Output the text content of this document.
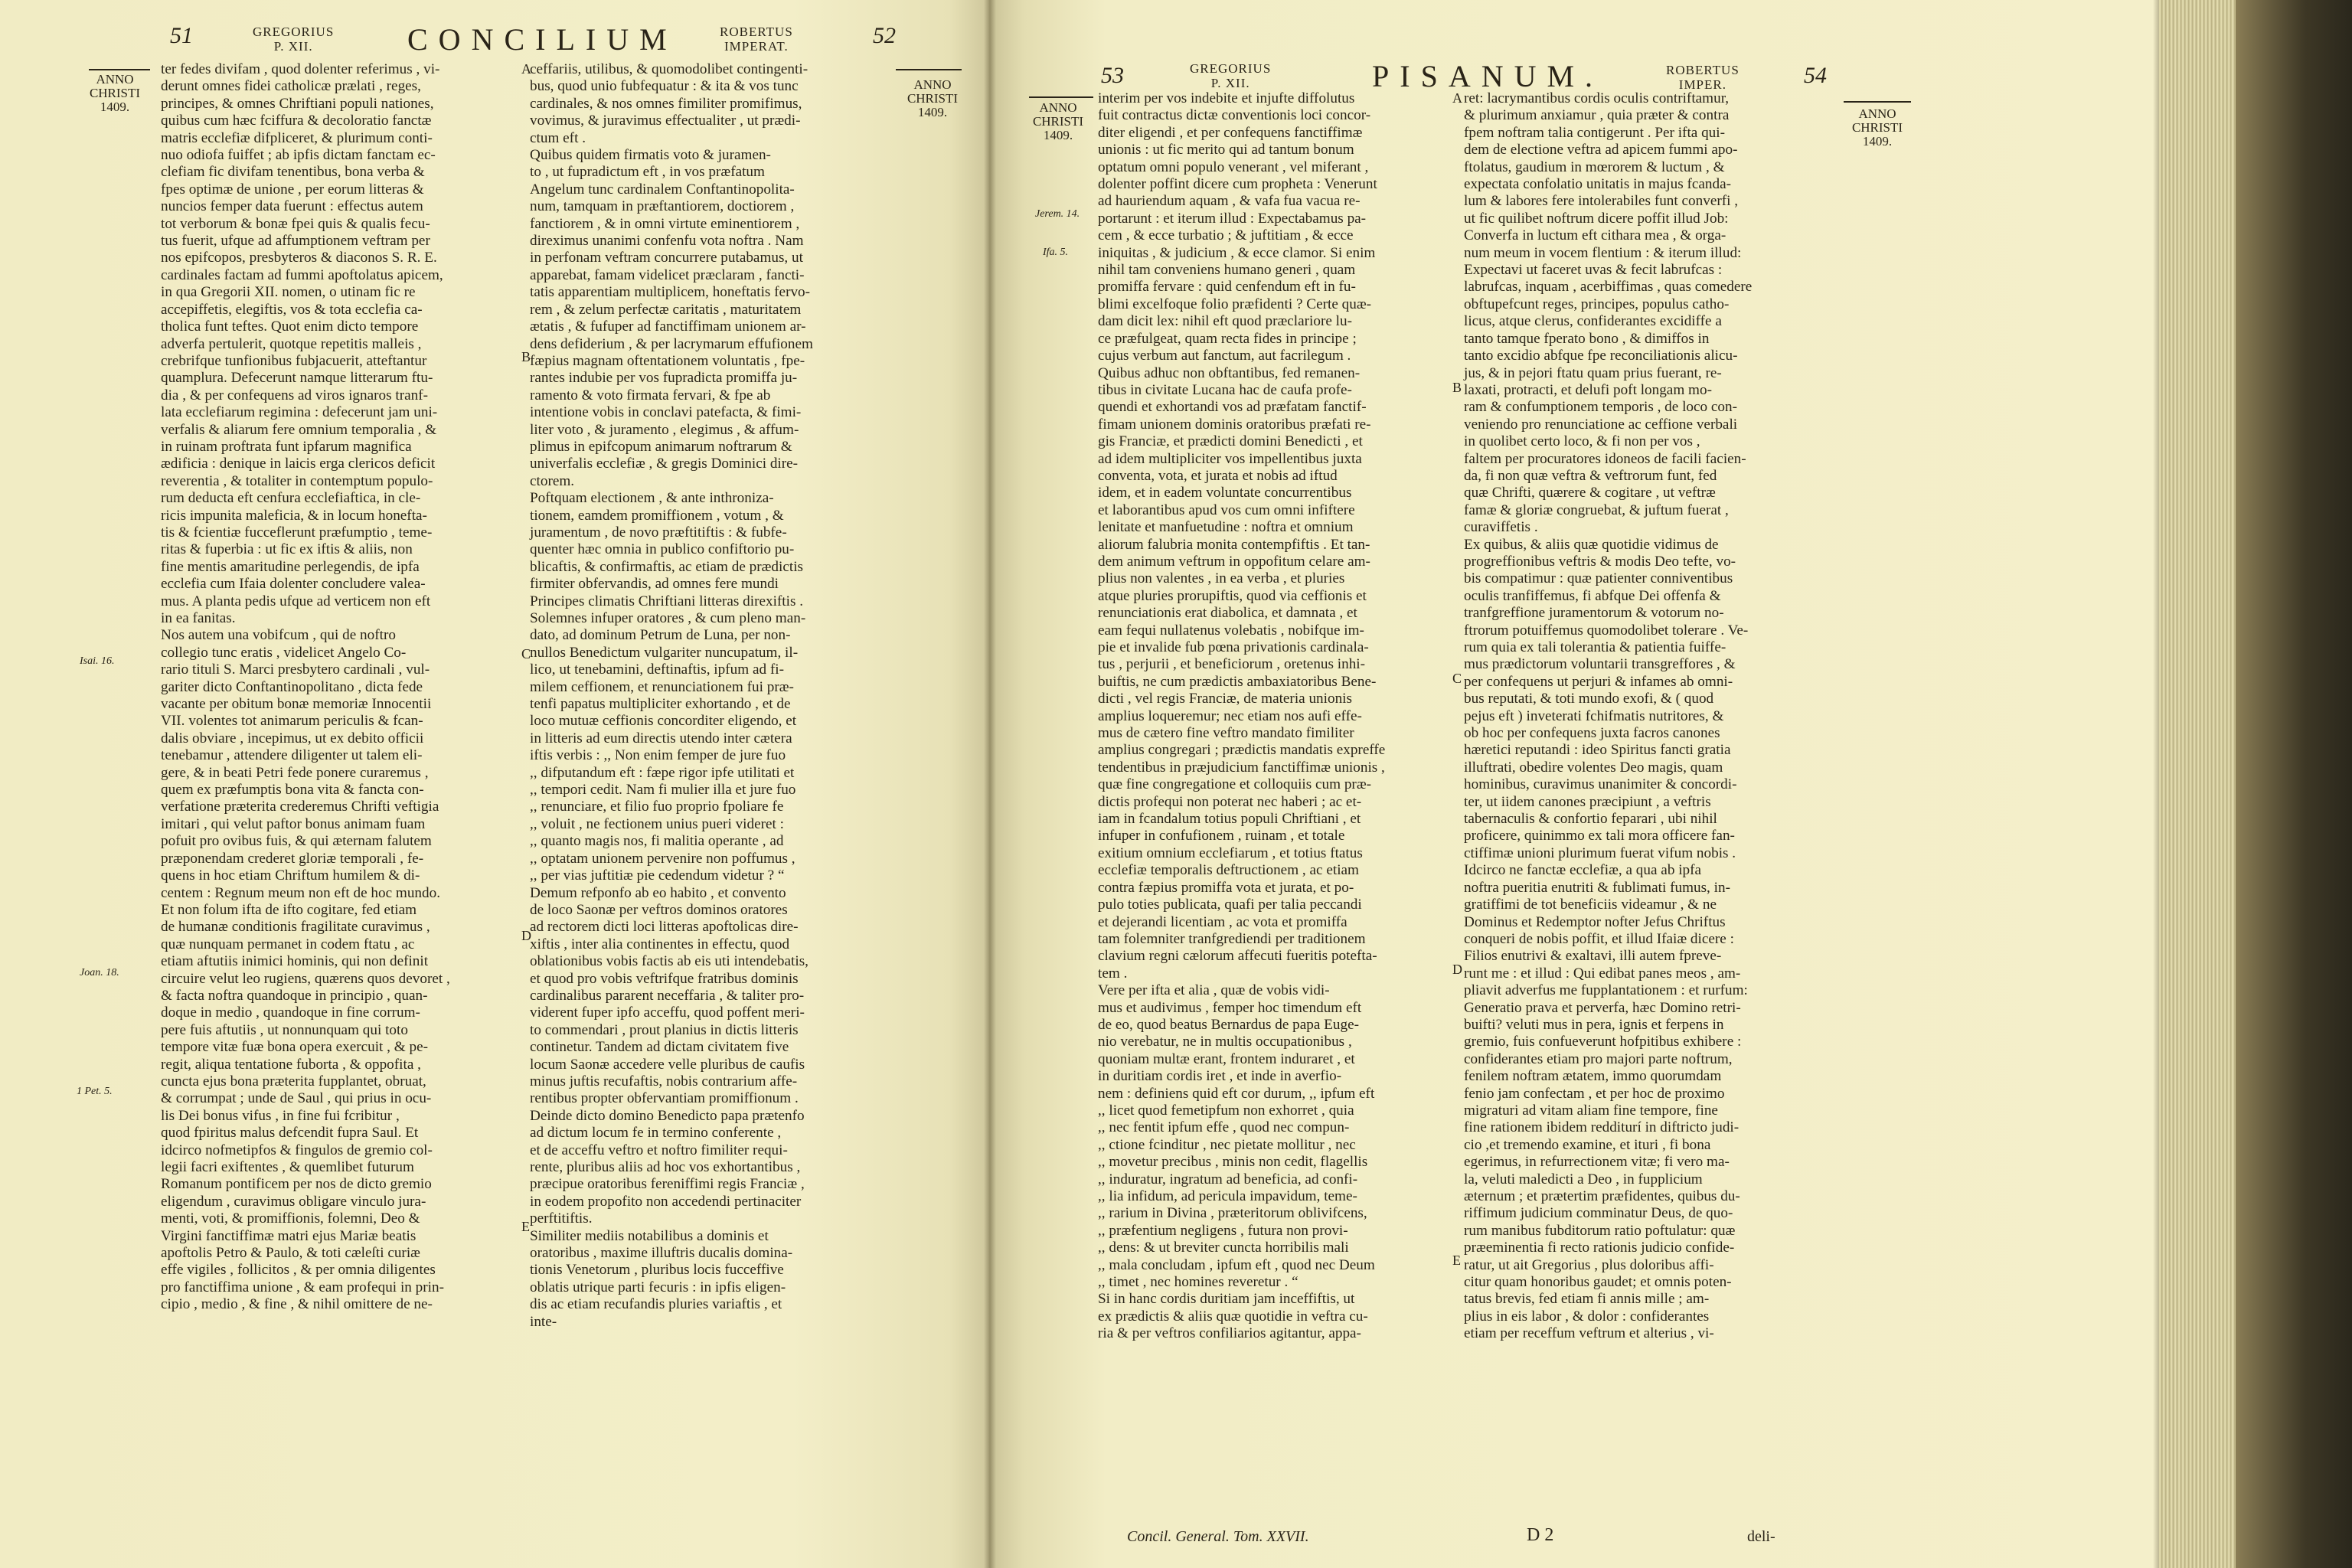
51	GREGORIUS
P. XII.	CONCILIUM	ROBERTUS
IMPERAT.	52
ANNO
CHRISTI
1409.
ANNO
CHRISTI
1409.
Isai. 16.
Joan. 18.
1 Pet. 5.
ter fedes divifam , quod dolenter referimus , vi-
derunt omnes fidei catholicæ prælati , reges,
principes, & omnes Chriftiani populi nationes,
quibus cum hæc fciffura & decoloratio fanctæ
matris ecclefiæ difpliceret, & plurimum conti-
nuo odiofa fuiffet ; ab ipfis dictam fanctam ec-
clefiam fic divifam tenentibus, bona verba &
fpes optimæ de unione , per eorum litteras &
nuncios femper data fuerunt : effectus autem
tot verborum & bonæ fpei quis & qualis fecu-
tus fuerit, ufque ad affumptionem veftram per
nos epifcopos, presbyteros & diaconos S. R. E.
cardinales factam ad fummi apoftolatus apicem,
in qua Gregorii XII. nomen, o utinam fic re
accepiffetis, elegiftis, vos & tota ecclefia ca-
tholica funt teftes. Quot enim dicto tempore
adverfa pertulerit, quotque repetitis malleis ,
crebrifque tunfionibus fubjacuerit, atteftantur
quamplura. Defecerunt namque litterarum ftu-
dia , & per confequens ad viros ignaros tranf-
lata ecclefiarum regimina : defecerunt jam uni-
verfalis & aliarum fere omnium temporalia , &
in ruinam proftrata funt ipfarum magnifica
ædificia : denique in laicis erga clericos deficit
reverentia , & totaliter in contemptum populo-
rum deducta eft cenfura ecclefiaftica, in cle-
ricis impunita maleficia, & in locum honefta-
tis & fcientiæ fucceflerunt præfumptio , teme-
ritas & fuperbia : ut fic ex iftis & aliis, non
fine mentis amaritudine perlegendis, de ipfa
ecclefia cum Ifaia dolenter concludere valea-
mus. A planta pedis ufque ad verticem non eft
in ea fanitas.
Nos autem una vobifcum , qui de noftro
collegio tunc eratis , videlicet Angelo Co-
rario tituli S. Marci presbytero cardinali , vul-
gariter dicto Conftantinopolitano , dicta fede
vacante per obitum bonæ memoriæ Innocentii
VII. volentes tot animarum periculis & fcan-
dalis obviare , incepimus, ut ex debito officii
tenebamur , attendere diligenter ut talem eli-
gere, & in beati Petri fede ponere curaremus ,
quem ex præfumptis bona vita & fancta con-
verfatione præterita crederemus Chrifti veftigia
imitari , qui velut paftor bonus animam fuam
pofuit pro ovibus fuis, & qui æternam falutem
præponendam crederet gloriæ temporali , fe-
quens in hoc etiam Chriftum humilem & di-
centem : Regnum meum non eft de hoc mundo.
Et non folum ifta de ifto cogitare, fed etiam
de humanæ conditionis fragilitate curavimus ,
quæ nunquam permanet in codem ftatu , ac
etiam aftutiis inimici hominis, qui non definit
circuire velut leo rugiens, quærens quos devoret ,
& facta noftra quandoque in principio , quan-
doque in medio , quandoque in fine corrum-
pere fuis aftutiis , ut nonnunquam qui toto
tempore vitæ fuæ bona opera exercuit , & pe-
regit, aliqua tentatione fuborta , & oppofita ,
cuncta ejus bona præterita fupplantet, obruat,
& corrumpat ; unde de Saul , qui prius in ocu-
lis Dei bonus vifus , in fine fui fcribitur ,
quod fpiritus malus defcendit fupra Saul. Et
idcirco nofmetipfos & fingulos de gremio col-
legii facri exiftentes , & quemlibet futurum
Romanum pontificem per nos de dicto gremio
eligendum , curavimus obligare vinculo jura-
menti, voti, & promiffionis, folemni, Deo &
Virgini fanctiffimæ matri ejus Mariæ beatis
apoftolis Petro & Paulo, & toti cæleſti curiæ
effe vigiles , follicitos , & per omnia diligentes
pro fanctiffima unione , & eam profequi in prin-
cipio , medio , & fine , & nihil omittere de ne-
ceffariis, utilibus, & quomodolibet contingenti-
bus, quod unio fubfequatur : & ita & vos tunc
cardinales, & nos omnes fimiliter promifimus,
vovimus, & juravimus effectualiter , ut prædi-
ctum eft .
Quibus quidem firmatis voto & juramen-
to , ut fupradictum eft , in vos præfatum
Angelum tunc cardinalem Conftantinopolita-
num, tamquam in præftantiorem, doctiorem ,
fanctiorem , & in omni virtute eminentiorem ,
direximus unanimi confenfu vota noftra . Nam
in perfonam veftram concurrere putabamus, ut
apparebat, famam videlicet præclaram , fancti-
tatis apparentiam multiplicem, honeftatis fervo-
rem , & zelum perfectæ caritatis , maturitatem
ætatis , & fufuper ad fanctiffimam unionem ar-
dens defiderium , & per lacrymarum effufionem
fæpius magnam oftentationem voluntatis , fpe-
rantes indubie per vos fupradicta promiffa ju-
ramento & voto firmata fervari, & fpe ab
intentione vobis in conclavi patefacta, & fimi-
liter voto , & juramento , elegimus , & affum-
plimus in epifcopum animarum noftrarum &
univerfalis ecclefiæ , & gregis Dominici dire-
ctorem.
Poftquam electionem , & ante inthroniza-
tionem, eamdem promiffionem , votum , &
juramentum , de novo præftitiftis : & fubfe-
quenter hæc omnia in publico confiftorio pu-
blicaftis, & confirmaftis, ac etiam de prædictis
firmiter obfervandis, ad omnes fere mundi
Principes climatis Chriftiani litteras direxiftis .
Solemnes infuper oratores , & cum pleno man-
dato, ad dominum Petrum de Luna, per non-
nullos Benedictum vulgariter nuncupatum, il-
lico, ut tenebamini, deftinaftis, ipfum ad fi-
milem ceffionem, et renunciationem fui præ-
tenfi papatus multipliciter exhortando , et de
loco mutuæ ceffionis concorditer eligendo, et
in litteris ad eum directis utendo inter cætera
iftis verbis : ,, Non enim femper de jure fuo
,, difputandum eft : fæpe rigor ipfe utilitati et
,, tempori cedit. Nam fi mulier illa et jure fuo
,, renunciare, et filio fuo proprio fpoliare fe
,, voluit , ne fectionem unius pueri videret :
,, quanto magis nos, fi malitia operante , ad
,, optatam unionem pervenire non poffumus ,
,, per vias juftitiæ pie cedendum videtur ? “
Demum refponfo ab eo habito , et convento
de loco Saonæ per veftros dominos oratores
ad rectorem dicti loci litteras apoftolicas dire-
xiftis , inter alia continentes in effectu, quod
oblationibus vobis factis ab eis uti intendebatis,
et quod pro vobis veftrifque fratribus dominis
cardinalibus pararent neceffaria , & taliter pro-
viderent fuper ipfo acceffu, quod poffent meri-
to commendari , prout planius in dictis litteris
continetur. Tandem ad dictam civitatem five
locum Saonæ accedere velle pluribus de caufis
minus juftis recufaftis, nobis contrarium affe-
rentibus propter obfervantiam promiffionum .
Deinde dicto domino Benedicto papa prætenfo
ad dictum locum fe in termino conferente ,
et de acceffu veftro et noftro fimiliter requi-
rente, pluribus aliis ad hoc vos exhortantibus ,
præcipue oratoribus fereniffimi regis Franciæ ,
in eodem propofito non accedendi pertinaciter
perftitiftis.
Similiter mediis notabilibus a dominis et
oratoribus , maxime illuftris ducalis domina-
tionis Venetorum , pluribus locis fucceffive
oblatis utrique parti fecuris : in ipfis eligen-
dis ac etiam recufandis pluries variaftis , et
inte-
A
B
C
D
E
53	GREGORIUS
P. XII.	PISANUM.	ROBERTUS
IMPER.	54
ANNO
CHRISTI
1409.
ANNO
CHRISTI
1409.
Jerem. 14.
Ifa. 5.
interim per vos indebite et injufte diffolutus
fuit contractus dictæ conventionis loci concor-
diter eligendi , et per confequens fanctiffimæ
unionis : ut fic merito qui ad tantum bonum
optatum omni populo venerant , vel miferant ,
dolenter poffint dicere cum propheta : Venerunt
ad hauriendum aquam , & vafa fua vacua re-
portarunt : et iterum illud : Expectabamus pa-
cem , & ecce turbatio ; & juftitiam , & ecce
iniquitas , & judicium , & ecce clamor. Si enim
nihil tam conveniens humano generi , quam
promiffa fervare : quid cenfendum eft in fu-
blimi excelfoque folio præfidenti ? Certe quæ-
dam dicit lex: nihil eft quod præclariore lu-
ce præfulgeat, quam recta fides in principe ;
cujus verbum aut fanctum, aut facrilegum .
Quibus adhuc non obftantibus, fed remanen-
tibus in civitate Lucana hac de caufa profe-
quendi et exhortandi vos ad præfatam fanctif-
fimam unionem dominis oratoribus præfati re-
gis Franciæ, et prædicti domini Benedicti , et
ad idem multipliciter vos impellentibus juxta
conventa, vota, et jurata et nobis ad iftud
idem, et in eadem voluntate concurrentibus
et laborantibus apud vos cum omni infiftere
lenitate et manfuetudine : noftra et omnium
aliorum falubria monita contempfiftis . Et tan-
dem animum veftrum in oppofitum celare am-
plius non valentes , in ea verba , et pluries
atque pluries prorupiftis, quod via ceffionis et
renunciationis erat diabolica, et damnata , et
eam fequi nullatenus volebatis , nobifque im-
pie et invalide fub pœna privationis cardinala-
tus , perjurii , et beneficiorum , oretenus inhi-
buiftis, ne cum prædictis ambaxiatoribus Bene-
dicti , vel regis Franciæ, de materia unionis
amplius loqueremur; nec etiam nos aufi effe-
mus de cætero fine veftro mandato fimiliter
amplius congregari ; prædictis mandatis expreffe
tendentibus in præjudicium fanctiffimæ unionis ,
quæ fine congregatione et colloquiis cum præ-
dictis profequi non poterat nec haberi ; ac et-
iam in fcandalum totius populi Chriftiani , et
infuper in confufionem , ruinam , et totale
exitium omnium ecclefiarum , et totius ftatus
ecclefiæ temporalis deftructionem , ac etiam
contra fæpius promiffa vota et jurata, et po-
pulo toties publicata, quafi per talia peccandi
et dejerandi licentiam , ac vota et promiffa
tam folemniter tranfgrediendi per traditionem
clavium regni cælorum affecuti fueritis potefta-
tem .
Vere per ifta et alia , quæ de vobis vidi-
mus et audivimus , femper hoc timendum eft
de eo, quod beatus Bernardus de papa Euge-
nio verebatur, ne in multis occupationibus ,
quoniam multæ erant, frontem induraret , et
in duritiam cordis iret , et inde in averfio-
nem : definiens quid eft cor durum, ,, ipfum eft
,, licet quod femetipfum non exhorret , quia
,, nec fentit ipfum effe , quod nec compun-
,, ctione fcinditur , nec pietate mollitur , nec
,, movetur precibus , minis non cedit, flagellis
,, induratur, ingratum ad beneficia, ad confi-
,, lia infidum, ad pericula impavidum, teme-
,, rarium in Divina , præteritorum oblivifcens,
,, præfentium negligens , futura non provi-
,, dens: & ut breviter cuncta horribilis mali
,, mala concludam , ipfum eft , quod nec Deum
,, timet , nec homines reveretur . “
Si in hanc cordis duritiam jam inceffiftis, ut
ex prædictis & aliis quæ quotidie in veftra cu-
ria & per veftros confiliarios agitantur, appa-
ret: lacrymantibus cordis oculis contriftamur,
& plurimum anxiamur , quia præter & contra
fpem noftram talia contigerunt . Per ifta qui-
dem de electione veftra ad apicem fummi apo-
ftolatus, gaudium in mœrorem & luctum , &
expectata confolatio unitatis in majus fcanda-
lum & labores fere intolerabiles funt converfi ,
ut fic quilibet noftrum dicere poffit illud Job:
Converfa in luctum eft cithara mea , & orga-
num meum in vocem flentium : & iterum illud:
Expectavi ut faceret uvas & fecit labrufcas :
labrufcas, inquam , acerbiffimas , quas comedere
obftupefcunt reges, principes, populus catho-
licus, atque clerus, confiderantes excidiffe a
tanto tamque fperato bono , & dimiffos in
tanto excidio abfque fpe reconciliationis alicu-
jus, & in pejori ftatu quam prius fuerant, re-
laxati, protracti, et delufi poft longam mo-
ram & confumptionem temporis , de loco con-
veniendo pro renunciatione ac ceffione verbali
in quolibet certo loco, & fi non per vos ,
faltem per procuratores idoneos de facili facien-
da, fi non quæ veftra & veftrorum funt, fed
quæ Chrifti, quærere & cogitare , ut veftræ
famæ & gloriæ congruebat, & juftum fuerat ,
curaviffetis .
Ex quibus, & aliis quæ quotidie vidimus de
progreffionibus veftris & modis Deo tefte, vo-
bis compatimur : quæ patienter conniventibus
oculis tranfiffemus, fi abfque Dei offenfa &
tranfgreffione juramentorum & votorum no-
ftrorum potuiffemus quomodolibet tolerare . Ve-
rum quia ex tali tolerantia & patientia fuiffe-
mus prædictorum voluntarii transgreffores , &
per confequens ut perjuri & infames ab omni-
bus reputati, & toti mundo exofi, & ( quod
pejus eft ) inveterati fchifmatis nutritores, &
ob hoc per confequens juxta facros canones
hæretici reputandi : ideo Spiritus fancti gratia
illuftrati, obedire volentes Deo magis, quam
hominibus, curavimus unanimiter & concordi-
ter, ut iidem canones præcipiunt , a veftris
tabernaculis & confortio feparari , ubi nihil
proficere, quinimmo ex tali mora officere fan-
ctiffimæ unioni plurimum fuerat vifum nobis .
Idcirco ne fanctæ ecclefiæ, a qua ab ipfa
noftra pueritia enutriti & fublimati fumus, in-
gratiffimi de tot beneficiis videamur , & ne
Dominus et Redemptor nofter Jefus Chriftus
conqueri de nobis poffit, et illud Ifaiæ dicere :
Filios enutrivi & exaltavi, illi autem fpreve-
runt me : et illud : Qui edibat panes meos , am-
pliavit adverfus me fupplantationem : et rurfum:
Generatio prava et perverfa, hæc Domino retri-
buifti? veluti mus in pera, ignis et ferpens in
gremio, fuis confueverunt hofpitibus exhibere :
confiderantes etiam pro majori parte noftrum,
fenilem noftram ætatem, immo quorumdam
fenio jam confectam , et per hoc de proximo
migraturi ad vitam aliam fine tempore, fine
fine rationem ibidem redditurí in diftricto judi-
cio ,et tremendo examine, et ituri , fi bona
egerimus, in refurrectionem vitæ; fi vero ma-
la, veluti maledicti a Deo , in fupplicium
æternum ; et prætertim præfidentes, quibus du-
riffimum judicium comminatur Deus, de quo-
rum manibus fubditorum ratio poftulatur: quæ
præeminentia fi recto rationis judicio confide-
ratur, ut ait Gregorius , plus doloribus affi-
citur quam honoribus gaudet; et omnis poten-
tatus brevis, fed etiam fi annis mille ; am-
plius in eis labor , & dolor : confiderantes
etiam per receffum veftrum et alterius , vi-
A
B
C
D
E
Concil. General. Tom. XXVII.	D 2	deli-
